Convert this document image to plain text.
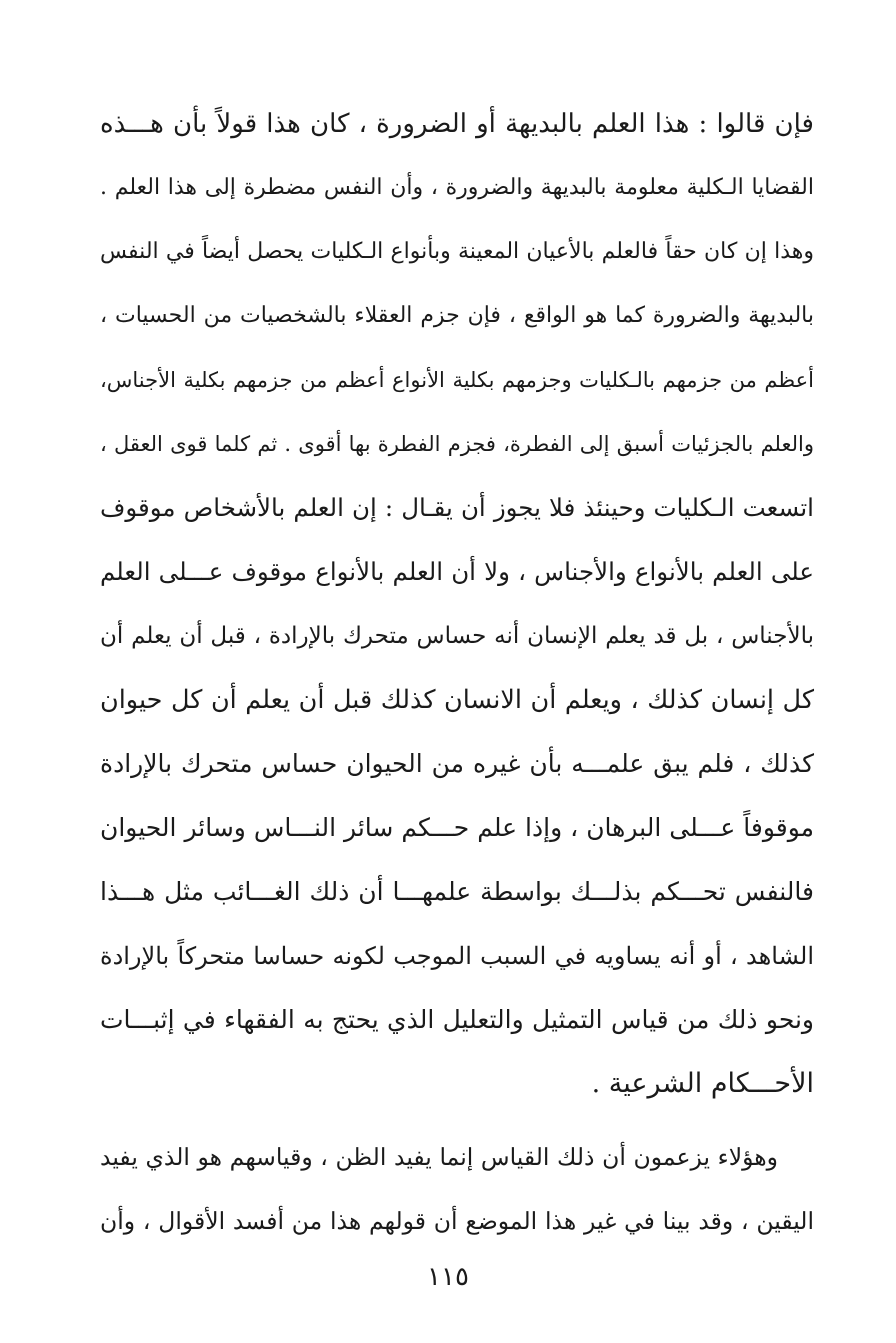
فإن قالوا : هذا العلم بالبديهة أو الضرورة ، كان هذا قولاً بأن هـــذه
القضايا الـكلية معلومة بالبديهة والضرورة ، وأن النفس مضطرة إلى هذا العلم .
وهذا إن كان حقاً فالعلم بالأعيان المعينة وبأنواع الـكليات يحصل أيضاً في النفس
بالبديهة والضرورة كما هو الواقع ، فإن جزم العقلاء بالشخصيات من الحسيات ،
أعظم من جزمهم بالـكليات وجزمهم بكلية الأنواع أعظم من جزمهم بكلية الأجناس،
والعلم بالجزئيات أسبق إلى الفطرة، فجزم الفطرة بها أقوى . ثم كلما قوى العقل ،
اتسعت الـكليات وحينئذ فلا يجوز أن يقـال : إن العلم بالأشخاص موقوف
على العلم بالأنواع والأجناس ، ولا أن العلم بالأنواع موقوف عـــلى العلم
بالأجناس ، بل قد يعلم الإنسان أنه حساس متحرك بالإرادة ، قبل أن يعلم أن
كل إنسان كذلك ، ويعلم أن الانسان كذلك قبل أن يعلم أن كل حيوان
كذلك ، فلم يبق علمـــه بأن غيره من الحيوان حساس متحرك بالإرادة
موقوفاً عـــلى البرهان ، وإذا علم حـــكم سائر النـــاس وسائر الحيوان
فالنفس تحـــكم بذلـــك بواسطة علمهـــا أن ذلك الغـــائب مثل هـــذا
الشاهد ، أو أنه يساويه في السبب الموجب لكونه حساسا متحركاً بالإرادة
ونحو ذلك من قياس التمثيل والتعليل الذي يحتج به الفقهاء في إثبـــات
الأحـــكام الشرعية .
وهؤلاء يزعمون أن ذلك القياس إنما يفيد الظن ، وقياسهم هو الذي يفيد
اليقين ، وقد بينا في غير هذا الموضع أن قولهم هذا من أفسد الأقوال ، وأن
١١٥
